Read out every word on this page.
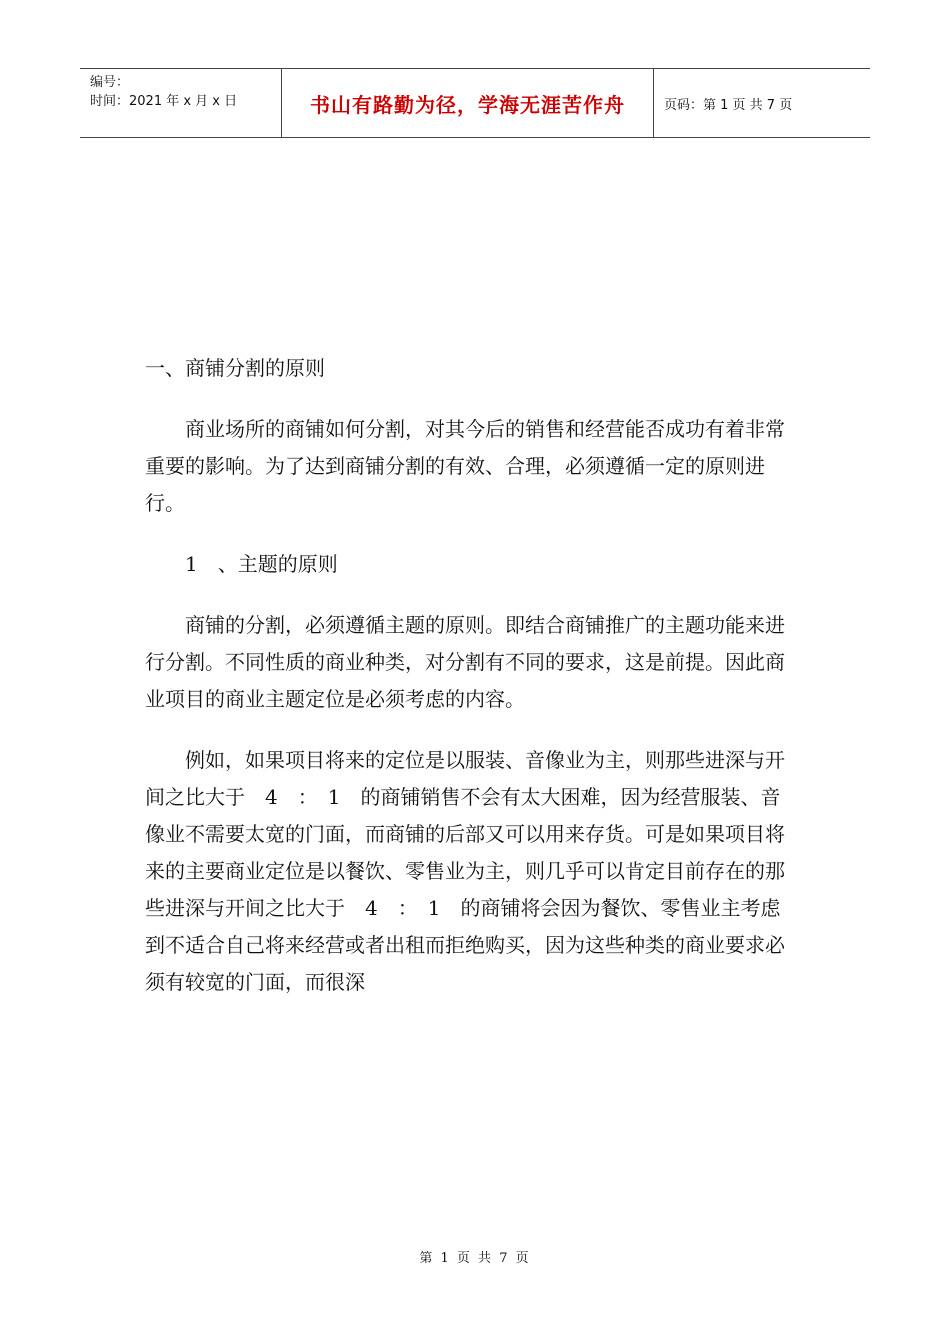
编号：
时间：2021 年 x 月 x 日	书山有路勤为径，学海无涯苦作舟	页码：第 1 页 共 7 页

一、商铺分割的原则

商业场所的商铺如何分割，对其今后的销售和经营能否成功有着非常重要的影响。为了达到商铺分割的有效、合理，必须遵循一定的原则进行。

1　、主题的原则

商铺的分割，必须遵循主题的原则。即结合商铺推广的主题功能来进行分割。不同性质的商业种类，对分割有不同的要求，这是前提。因此商业项目的商业主题定位是必须考虑的内容。

例如，如果项目将来的定位是以服装、音像业为主，则那些进深与开间之比大于　4　：　1　的商铺销售不会有太大困难，因为经营服装、音像业不需要太宽的门面，而商铺的后部又可以用来存货。可是如果项目将来的主要商业定位是以餐饮、零售业为主，则几乎可以肯定目前存在的那些进深与开间之比大于　4　：　1　的商铺将会因为餐饮、零售业主考虑到不适合自己将来经营或者出租而拒绝购买，因为这些种类的商业要求必须有较宽的门面，而很深

第 1 页 共 7 页
